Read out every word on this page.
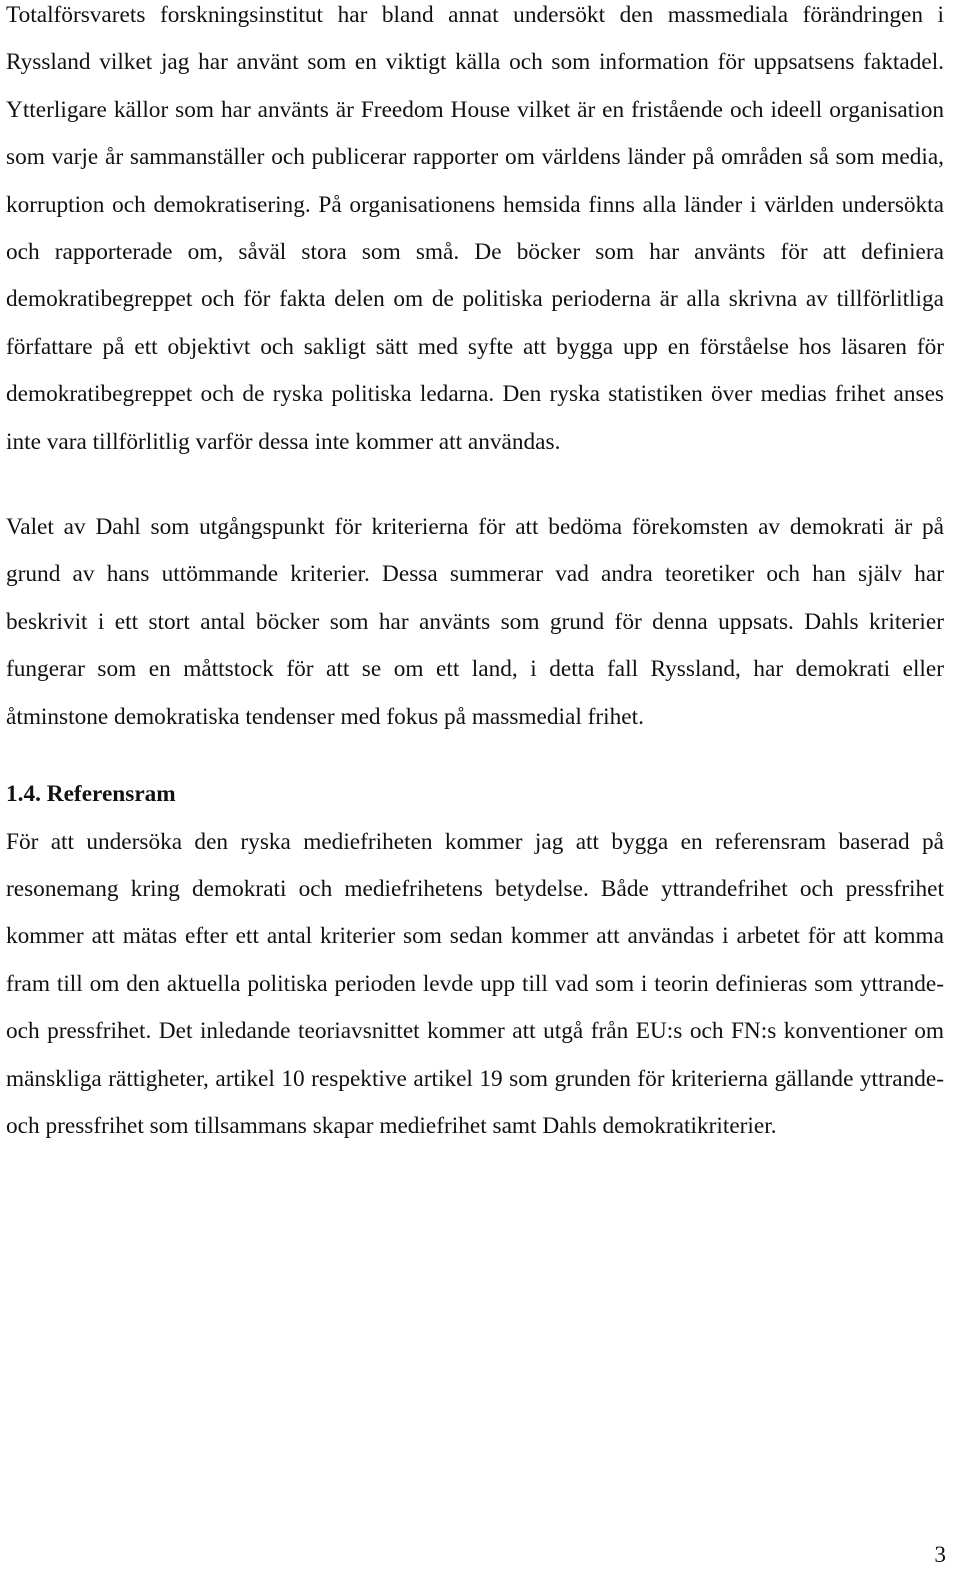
Totalförsvarets forskningsinstitut har bland annat undersökt den massmediala förändringen i Ryssland vilket jag har använt som en viktigt källa och som information för uppsatsens faktadel. Ytterligare källor som har använts är Freedom House vilket är en fristående och ideell organisation som varje år sammanställer och publicerar rapporter om världens länder på områden så som media, korruption och demokratisering. På organisationens hemsida finns alla länder i världen undersökta och rapporterade om, såväl stora som små. De böcker som har använts för att definiera demokratibegreppet och för fakta delen om de politiska perioderna är alla skrivna av tillförlitliga författare på ett objektivt och sakligt sätt med syfte att bygga upp en förståelse hos läsaren för demokratibegreppet och de ryska politiska ledarna. Den ryska statistiken över medias frihet anses inte vara tillförlitlig varför dessa inte kommer att användas.

Valet av Dahl som utgångspunkt för kriterierna för att bedöma förekomsten av demokrati är på grund av hans uttömmande kriterier. Dessa summerar vad andra teoretiker och han själv har beskrivit i ett stort antal böcker som har använts som grund för denna uppsats. Dahls kriterier fungerar som en måttstock för att se om ett land, i detta fall Ryssland, har demokrati eller åtminstone demokratiska tendenser med fokus på massmedial frihet.

1.4. Referensram

För att undersöka den ryska mediefriheten kommer jag att bygga en referensram baserad på resonemang kring demokrati och mediefrihetens betydelse. Både yttrandefrihet och pressfrihet kommer att mätas efter ett antal kriterier som sedan kommer att användas i arbetet för att komma fram till om den aktuella politiska perioden levde upp till vad som i teorin definieras som yttrande- och pressfrihet. Det inledande teoriavsnittet kommer att utgå från EU:s och FN:s konventioner om mänskliga rättigheter, artikel 10 respektive artikel 19 som grunden för kriterierna gällande yttrande- och pressfrihet som tillsammans skapar mediefrihet samt Dahls demokratikriterier.

3
